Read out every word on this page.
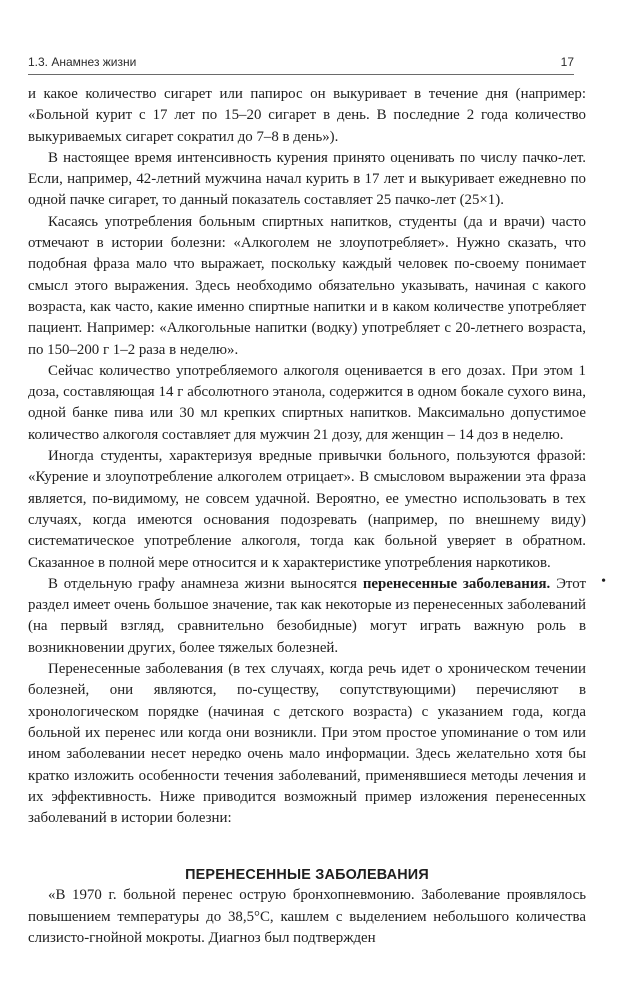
1.3. Анамнез жизни	17

и какое количество сигарет или папирос он выкуривает в течение дня (например: «Больной курит с 17 лет по 15–20 сигарет в день. В последние 2 года количество выкуриваемых сигарет сократил до 7–8 в день»).

В настоящее время интенсивность курения принято оценивать по числу пачко-лет. Если, например, 42-летний мужчина начал курить в 17 лет и выкуривает ежедневно по одной пачке сигарет, то данный показатель составляет 25 пачко-лет (25×1).

Касаясь употребления больным спиртных напитков, студенты (да и врачи) часто отмечают в истории болезни: «Алкоголем не злоупотребляет». Нужно сказать, что подобная фраза мало что выражает, поскольку каждый человек по-своему понимает смысл этого выражения. Здесь необходимо обязательно указывать, начиная с какого возраста, как часто, какие именно спиртные напитки и в каком количестве употребляет пациент. Например: «Алкогольные напитки (водку) употребляет с 20-летнего возраста, по 150–200 г 1–2 раза в неделю».

Сейчас количество употребляемого алкоголя оценивается в его дозах. При этом 1 доза, составляющая 14 г абсолютного этанола, содержится в одном бокале сухого вина, одной банке пива или 30 мл крепких спиртных напитков. Максимально допустимое количество алкоголя составляет для мужчин 21 дозу, для женщин – 14 доз в неделю.

Иногда студенты, характеризуя вредные привычки больного, пользуются фразой: «Курение и злоупотребление алкоголем отрицает». В смысловом выражении эта фраза является, по-видимому, не совсем удачной. Вероятно, ее уместно использовать в тех случаях, когда имеются основания подозревать (например, по внешнему виду) систематическое употребление алкоголя, тогда как больной уверяет в обратном. Сказанное в полной мере относится и к характеристике употребления наркотиков.

В отдельную графу анамнеза жизни выносятся перенесенные заболевания. Этот раздел имеет очень большое значение, так как некоторые из перенесенных заболеваний (на первый взгляд, сравнительно безобидные) могут играть важную роль в возникновении других, более тяжелых болезней.

Перенесенные заболевания (в тех случаях, когда речь идет о хроническом течении болезней, они являются, по-существу, сопутствующими) перечисляют в хронологическом порядке (начиная с детского возраста) с указанием года, когда больной их перенес или когда они возникли. При этом простое упоминание о том или ином заболевании несет нередко очень мало информации. Здесь желательно хотя бы кратко изложить особенности течения заболеваний, применявшиеся методы лечения и их эффективность. Ниже приводится возможный пример изложения перенесенных заболеваний в истории болезни:

ПЕРЕНЕСЕННЫЕ ЗАБОЛЕВАНИЯ

«В 1970 г. больной перенес острую бронхопневмонию. Заболевание проявлялось повышением температуры до 38,5°С, кашлем с выделением небольшого количества слизисто-гнойной мокроты. Диагноз был подтвержден

•
